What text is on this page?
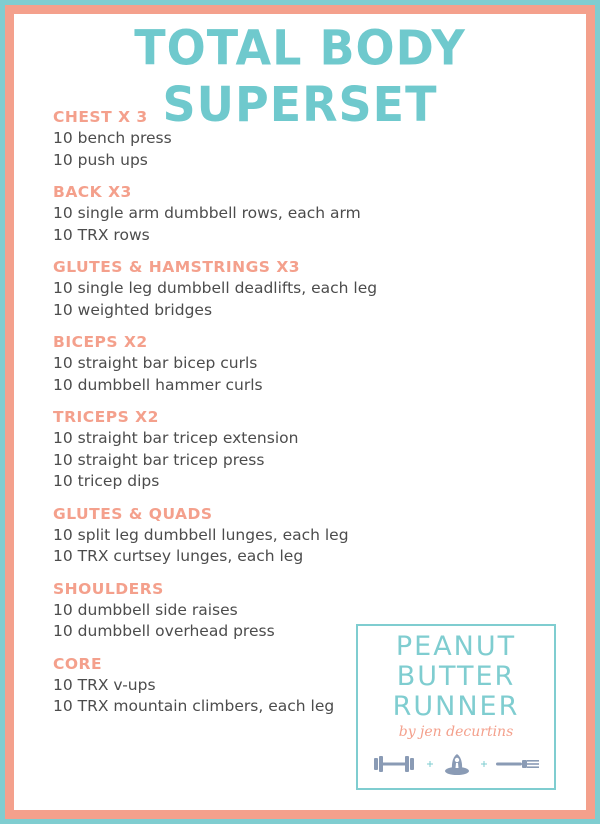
TOTAL BODY SUPERSET
CHEST X 3
10 bench press
10 push ups
BACK X3
10 single arm dumbbell rows, each arm
10 TRX rows
GLUTES & HAMSTRINGS X3
10 single leg dumbbell deadlifts, each leg
10 weighted bridges
BICEPS X2
10 straight bar bicep curls
10 dumbbell hammer curls
TRICEPS X2
10 straight bar tricep extension
10 straight bar tricep press
10 tricep dips
GLUTES & QUADS
10 split leg dumbbell lunges, each leg
10 TRX curtsey lunges, each leg
SHOULDERS
10 dumbbell side raises
10 dumbbell overhead press
CORE
10 TRX v-ups
10 TRX mountain climbers, each leg
PEANUT
BUTTER
RUNNER
by jen decurtins
